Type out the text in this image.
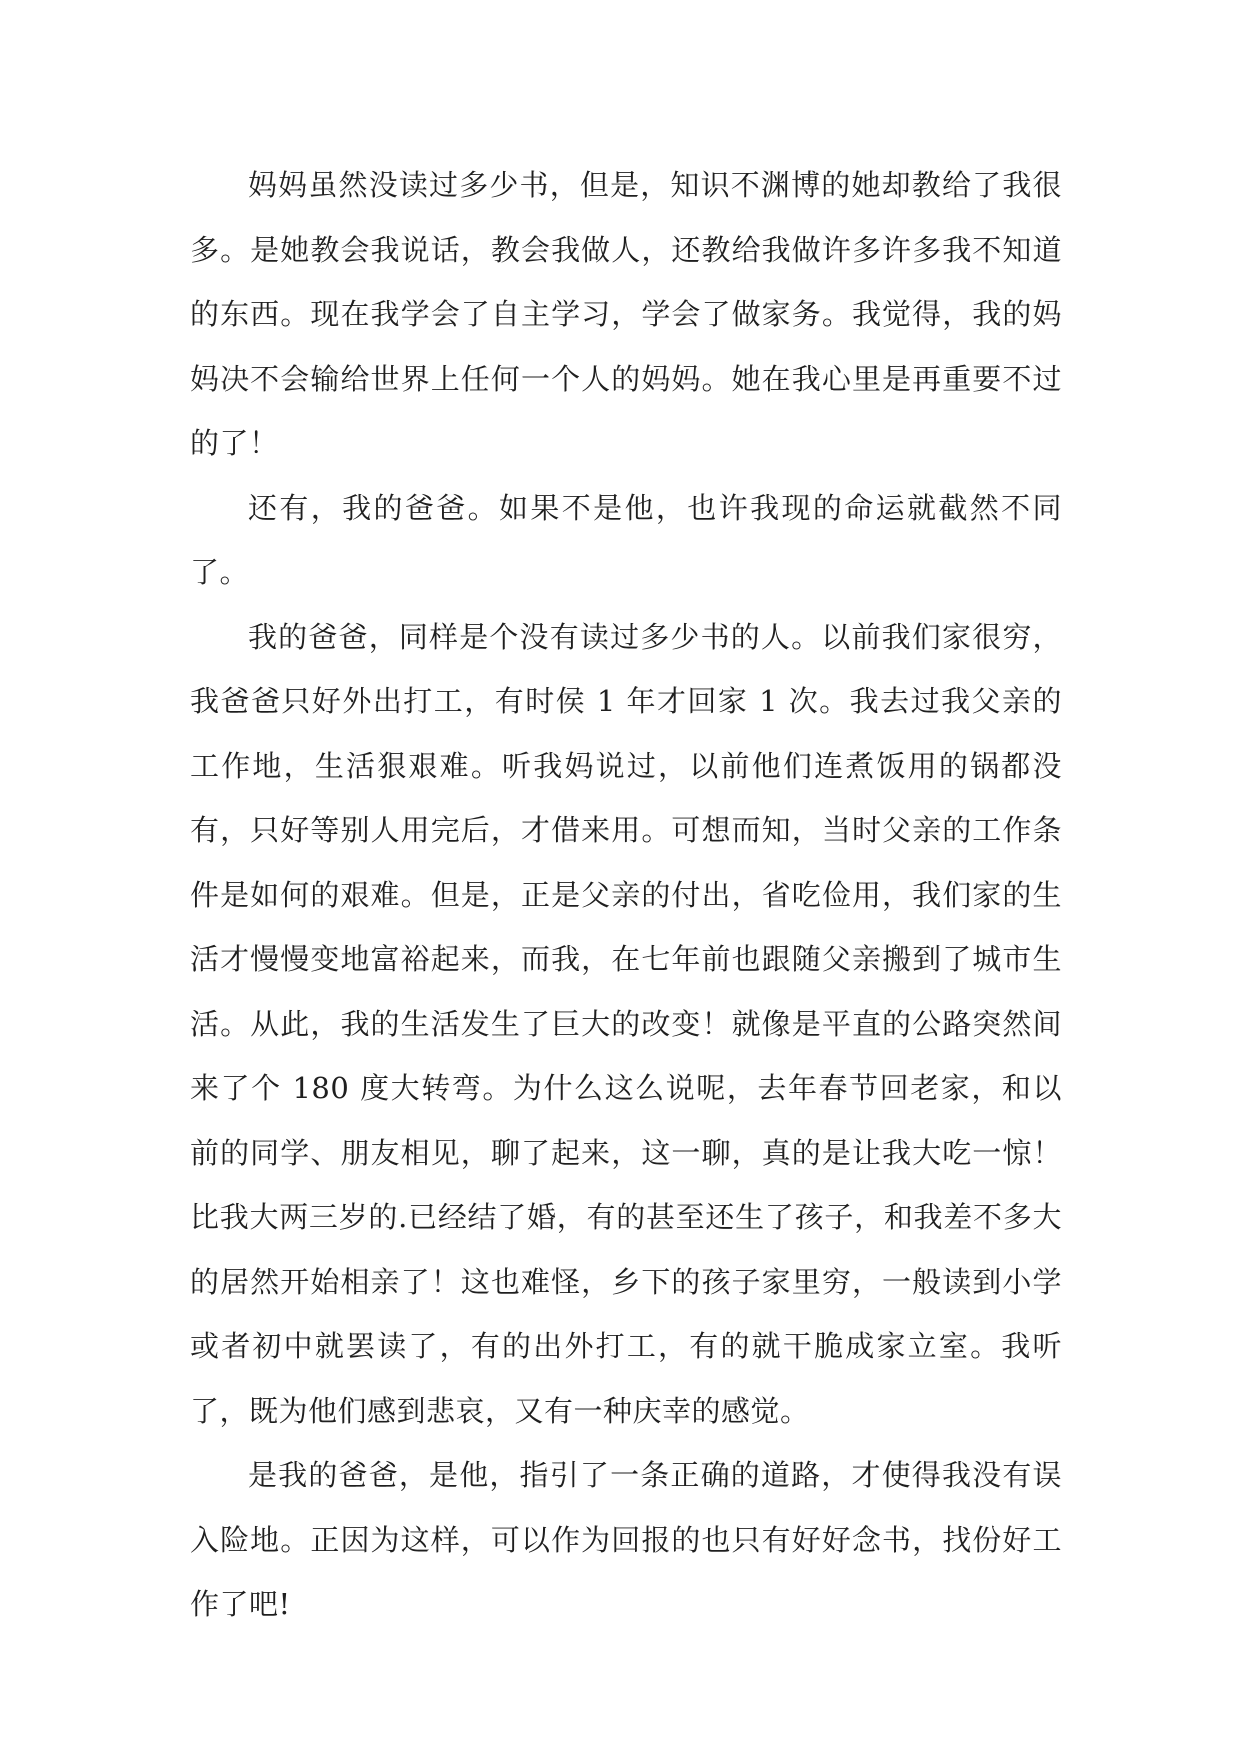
妈妈虽然没读过多少书，但是，知识不渊博的她却教给了我很多。是她教会我说话，教会我做人，还教给我做许多许多我不知道的东西。现在我学会了自主学习，学会了做家务。我觉得，我的妈妈决不会输给世界上任何一个人的妈妈。她在我心里是再重要不过的了！

还有，我的爸爸。如果不是他，也许我现的命运就截然不同了。

我的爸爸，同样是个没有读过多少书的人。以前我们家很穷，我爸爸只好外出打工，有时侯 1 年才回家 1 次。我去过我父亲的工作地，生活狠艰难。听我妈说过，以前他们连煮饭用的锅都没有，只好等别人用完后，才借来用。可想而知，当时父亲的工作条件是如何的艰难。但是，正是父亲的付出，省吃俭用，我们家的生活才慢慢变地富裕起来，而我，在七年前也跟随父亲搬到了城市生活。从此，我的生活发生了巨大的改变！就像是平直的公路突然间来了个 180 度大转弯。为什么这么说呢，去年春节回老家，和以前的同学、朋友相见，聊了起来，这一聊，真的是让我大吃一惊！比我大两三岁的.已经结了婚，有的甚至还生了孩子，和我差不多大的居然开始相亲了！这也难怪，乡下的孩子家里穷，一般读到小学或者初中就罢读了，有的出外打工，有的就干脆成家立室。我听了，既为他们感到悲哀，又有一种庆幸的感觉。

是我的爸爸，是他，指引了一条正确的道路，才使得我没有误入险地。正因为这样，可以作为回报的也只有好好念书，找份好工作了吧!
